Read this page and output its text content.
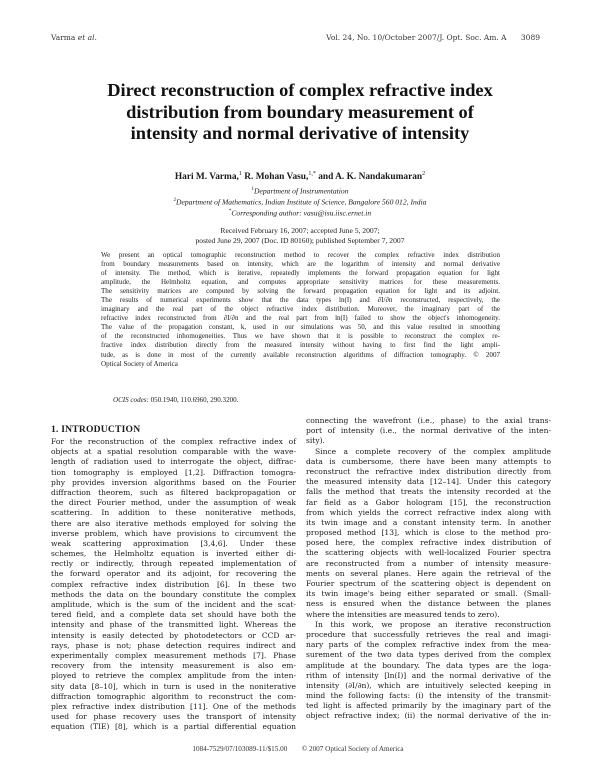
Varma et al.	Vol. 24, No. 10/October 2007/J. Opt. Soc. Am. A 3089
Direct reconstruction of complex refractive index
distribution from boundary measurement of
intensity and normal derivative of intensity
Hari M. Varma,$^1$ R. Mohan Vasu,$^{1,*}$ and A. K. Nandakumaran$^2$
$^1$Department of Instrumentation
$^2$Department of Mathematics, Indian Institute of Science, Bangalore 560 012, India
*Corresponding author: vasu@isu.iisc.ernet.in
Received February 16, 2007; accepted June 5, 2007;
posted June 29, 2007 (Doc. ID 80160); published September 7, 2007
We present an optical tomographic reconstruction method to recover the complex refractive index distribution
from boundary measurements based on intensity, which are the logarithm of intensity and normal derivative
of intensity. The method, which is iterative, repeatedly implements the forward propagation equation for light
amplitude, the Helmholtz equation, and computes appropriate sensitivity matrices for these measurements.
The sensitivity matrices are computed by solving the forward propagation equation for light and its adjoint.
The results of numerical experiments show that the data types ln(I) and ∂I/∂n reconstructed, respectively, the
imaginary and the real part of the object refractive index distribution. Moreover, the imaginary part of the
refractive index reconstructed from ∂I/∂n and the real part from ln(I) failed to show the object's inhomogeneity.
The value of the propagation constant, k, used in our simulations was 50, and this value resulted in smoothing
of the reconstructed inhomogeneities. Thus we have shown that it is possible to reconstruct the complex re-
fractive index distribution directly from the measured intensity without having to first find the light ampli-
tude, as is done in most of the currently available reconstruction algorithms of diffraction tomography. © 2007
Optical Society of America
OCIS codes: 050.1940, 110.6960, 290.3200.
1. INTRODUCTION
For the reconstruction of the complex refractive index of
objects at a spatial resolution comparable with the wave-
length of radiation used to interrogate the object, diffrac-
tion tomography is employed [1,2]. Diffraction tomogra-
phy provides inversion algorithms based on the Fourier
diffraction theorem, such as filtered backpropagation or
the direct Fourier method, under the assumption of weak
scattering. In addition to these noniterative methods,
there are also iterative methods employed for solving the
inverse problem, which have provisions to circumvent the
weak scattering approximation [3,4,6]. Under these
schemes, the Helmholtz equation is inverted either di-
rectly or indirectly, through repeated implementation of
the forward operator and its adjoint, for recovering the
complex refractive index distribution [6]. In these two
methods the data on the boundary constitute the complex
amplitude, which is the sum of the incident and the scat-
tered field, and a complete data set should have both the
intensity and phase of the transmitted light. Whereas the
intensity is easily detected by photodetectors or CCD ar-
rays, phase is not; phase detection requires indirect and
experimentally complex measurement methods [7]. Phase
recovery from the intensity measurement is also em-
ployed to retrieve the complex amplitude from the inten-
sity data [8–10], which in turn is used in the noniterative
diffraction tomographic algorithm to reconstruct the com-
plex refractive index distribution [11]. One of the methods
used for phase recovery uses the transport of intensity
equation (TIE) [8], which is a partial differential equation
connecting the wavefront (i.e., phase) to the axial trans-
port of intensity (i.e., the normal derivative of the inten-
sity).
Since a complete recovery of the complex amplitude
data is cumbersome, there have been many attempts to
reconstruct the refractive index distribution directly from
the measured intensity data [12–14]. Under this category
falls the method that treats the intensity recorded at the
far field as a Gabor hologram [15], the reconstruction
from which yields the correct refractive index along with
its twin image and a constant intensity term. In another
proposed method [13], which is close to the method pro-
posed here, the complex refractive index distribution of
the scattering objects with well-localized Fourier spectra
are reconstructed from a number of intensity measure-
ments on several planes. Here again the retrieval of the
Fourier spectrum of the scattering object is dependent on
its twin image's being either separated or small. (Small-
ness is ensured when the distance between the planes
where the intensities are measured tends to zero).
In this work, we propose an iterative reconstruction
procedure that successfully retrieves the real and imagi-
nary parts of the complex refractive index from the mea-
surement of the two data types derived from the complex
amplitude at the boundary. The data types are the loga-
rithm of intensity [ln(I)] and the normal derivative of the
intensity (∂I/∂n), which are intuitively selected keeping in
mind the following facts: (i) the intensity of the transmit-
ted light is affected primarily by the imaginary part of the
object refractive index; (ii) the normal derivative of the in-
1084-7529/07/103089-11/$15.00 © 2007 Optical Society of America
